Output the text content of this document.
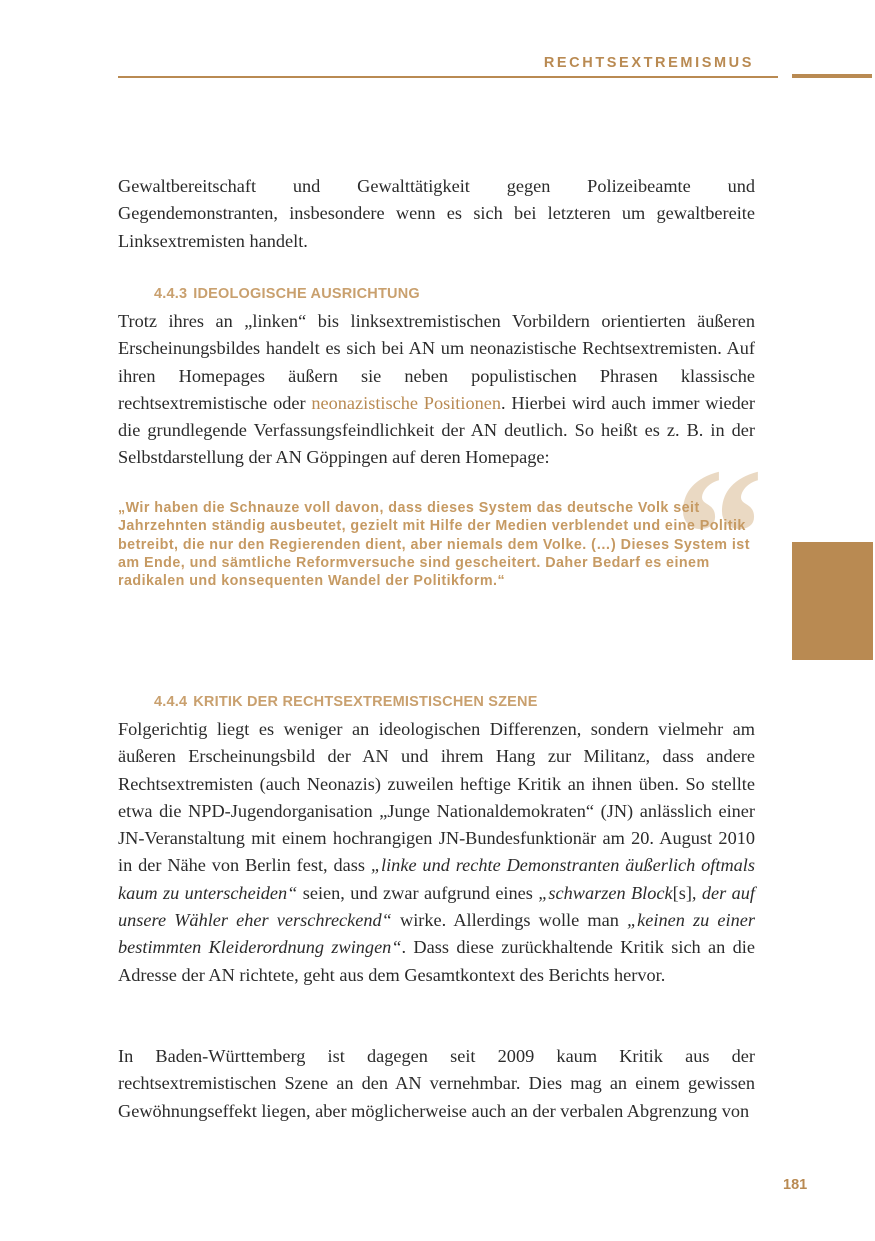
RECHTSEXTREMISMUS

Gewaltbereitschaft und Gewalttätigkeit gegen Polizeibeamte und Gegendemonstranten, insbesondere wenn es sich bei letzteren um gewaltbereite Linksextremisten handelt.

4.4.3 IDEOLOGISCHE AUSRICHTUNG

Trotz ihres an „linken“ bis linksextremistischen Vorbildern orientierten äußeren Erscheinungsbildes handelt es sich bei AN um neonazistische Rechtsextremisten. Auf ihren Homepages äußern sie neben populistischen Phrasen klassische rechtsextremistische oder neonazistische Positionen. Hierbei wird auch immer wieder die grundlegende Verfassungsfeindlichkeit der AN deutlich. So heißt es z. B. in der Selbstdarstellung der AN Göppingen auf deren Homepage: “

„Wir haben die Schnauze voll davon, dass dieses System das deutsche Volk seit Jahrzehnten ständig ausbeutet, gezielt mit Hilfe der Medien verblendet und eine Politik betreibt, die nur den Regierenden dient, aber niemals dem Volke. (…) Dieses System ist am Ende, und sämtliche Reformversuche sind gescheitert. Daher Bedarf es einem radikalen und konsequenten Wandel der Politikform.“

4.4.4 KRITIK DER RECHTSEXTREMISTISCHEN SZENE

Folgerichtig liegt es weniger an ideologischen Differenzen, sondern vielmehr am äußeren Erscheinungsbild der AN und ihrem Hang zur Militanz, dass andere Rechtsextremisten (auch Neonazis) zuweilen heftige Kritik an ihnen üben. So stellte etwa die NPD-Jugendorganisation „Junge Nationaldemokraten“ (JN) anlässlich einer JN-Veranstaltung mit einem hochrangigen JN-Bundesfunktionär am 20. August 2010 in der Nähe von Berlin fest, dass „linke und rechte Demonstranten äußerlich oftmals kaum zu unterscheiden“ seien, und zwar aufgrund eines „schwarzen Block[s], der auf unsere Wähler eher verschreckend“ wirke. Allerdings wolle man „keinen zu einer bestimmten Kleiderordnung zwingen“. Dass diese zurückhaltende Kritik sich an die Adresse der AN richtete, geht aus dem Gesamtkontext des Berichts hervor.

In Baden-Württemberg ist dagegen seit 2009 kaum Kritik aus der rechtsextremistischen Szene an den AN vernehmbar. Dies mag an einem gewissen Gewöhnungseffekt liegen, aber möglicherweise auch an der verbalen Abgrenzung von

181
